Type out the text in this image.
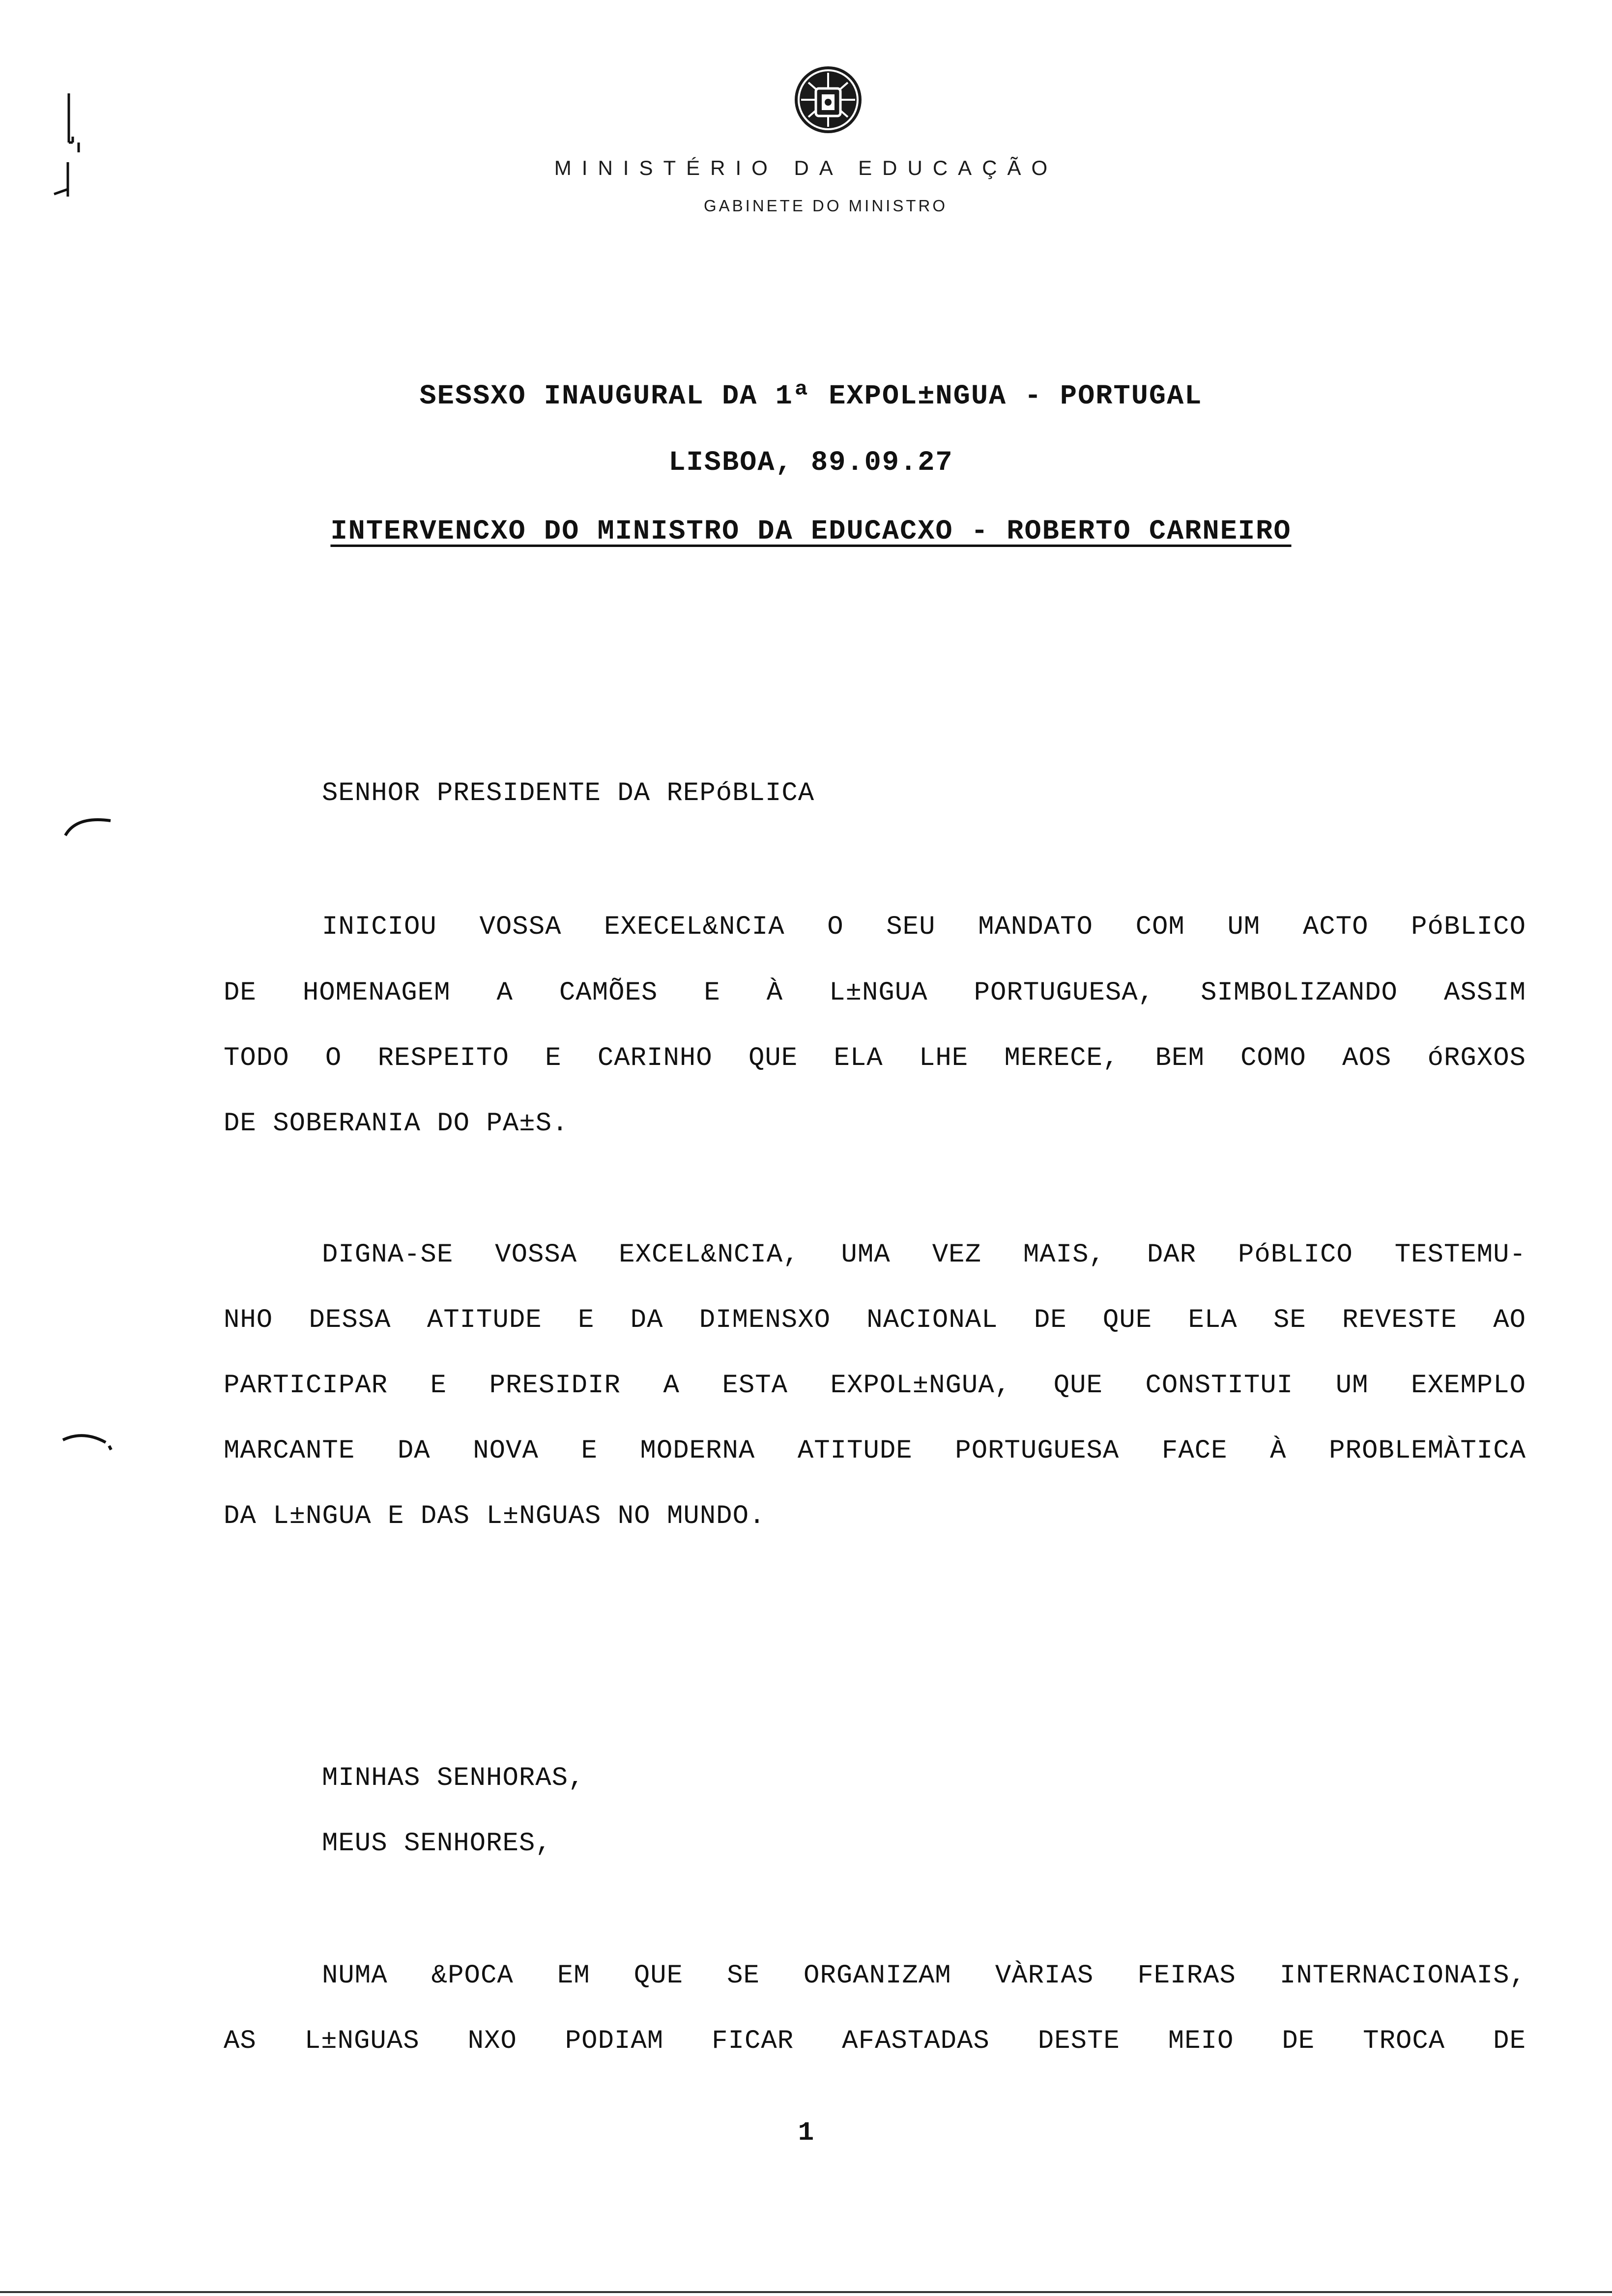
MINISTÉRIO DA EDUCAÇÃO
GABINETE DO MINISTRO
SESSXO INAUGURAL DA 1ª EXPOL±NGUA - PORTUGAL
LISBOA, 89.09.27
INTERVENCXO DO MINISTRO DA EDUCACXO - ROBERTO CARNEIRO
SENHOR PRESIDENTE DA REPóBLICA
INICIOU VOSSA EXECEL&NCIA O SEU MANDATO COM UM ACTO PóBLICO
DE HOMENAGEM A CAMÕES E À L±NGUA PORTUGUESA, SIMBOLIZANDO ASSIM
TODO O RESPEITO E CARINHO QUE ELA LHE MERECE, BEM COMO AOS óRGXOS
DE SOBERANIA DO PA±S.
DIGNA-SE VOSSA EXCEL&NCIA, UMA VEZ MAIS, DAR PóBLICO TESTEMU-
NHO DESSA ATITUDE E DA DIMENSXO NACIONAL DE QUE ELA SE REVESTE AO
PARTICIPAR E PRESIDIR A ESTA EXPOL±NGUA, QUE CONSTITUI UM EXEMPLO
MARCANTE DA NOVA E MODERNA ATITUDE PORTUGUESA FACE À PROBLEMÀTICA
DA L±NGUA E DAS L±NGUAS NO MUNDO.
MINHAS SENHORAS,
MEUS SENHORES,
NUMA &POCA EM QUE SE ORGANIZAM VÀRIAS FEIRAS INTERNACIONAIS,
AS L±NGUAS NXO PODIAM FICAR AFASTADAS DESTE MEIO DE TROCA DE
1
